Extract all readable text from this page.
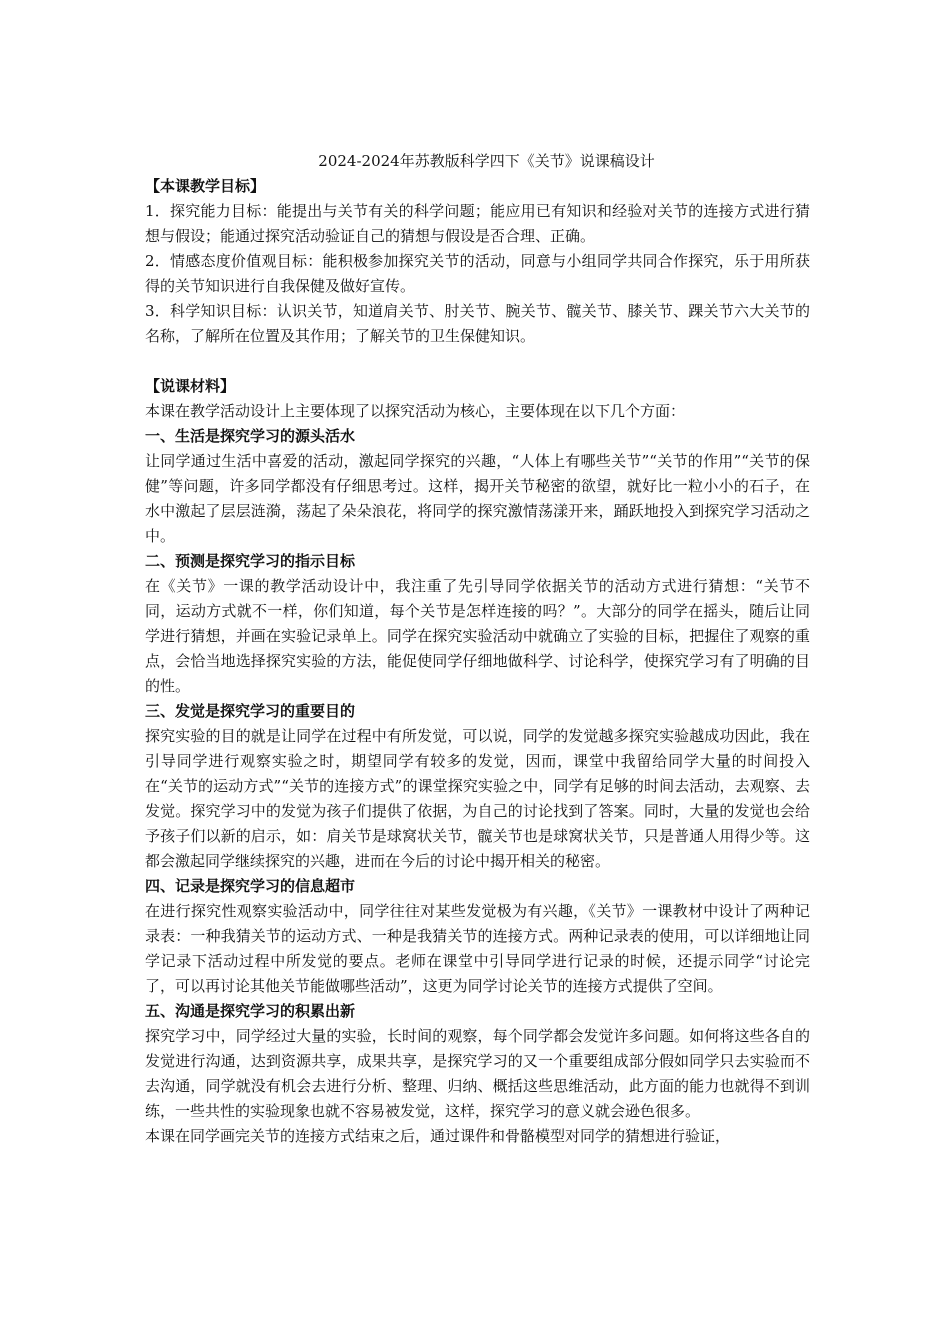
2024-2024年苏教版科学四下《关节》说课稿设计

【本课教学目标】

1．探究能力目标：能提出与关节有关的科学问题；能应用已有知识和经验对关节的连接方式进行猜想与假设；能通过探究活动验证自己的猜想与假设是否合理、正确。

2．情感态度价值观目标：能积极参加探究关节的活动，同意与小组同学共同合作探究，乐于用所获得的关节知识进行自我保健及做好宣传。

3．科学知识目标：认识关节，知道肩关节、肘关节、腕关节、髋关节、膝关节、踝关节六大关节的名称，了解所在位置及其作用；了解关节的卫生保健知识。

【说课材料】

本课在教学活动设计上主要体现了以探究活动为核心，主要体现在以下几个方面：

一、生活是探究学习的源头活水

让同学通过生活中喜爱的活动，激起同学探究的兴趣，“人体上有哪些关节”“关节的作用”“关节的保健”等问题，许多同学都没有仔细思考过。这样，揭开关节秘密的欲望，就好比一粒小小的石子，在水中激起了层层涟漪，荡起了朵朵浪花，将同学的探究激情荡漾开来，踊跃地投入到探究学习活动之中。

二、预测是探究学习的指示目标

在《关节》一课的教学活动设计中，我注重了先引导同学依据关节的活动方式进行猜想：“关节不同，运动方式就不一样，你们知道，每个关节是怎样连接的吗？”。大部分的同学在摇头，随后让同学进行猜想，并画在实验记录单上。同学在探究实验活动中就确立了实验的目标，把握住了观察的重点，会恰当地选择探究实验的方法，能促使同学仔细地做科学、讨论科学，使探究学习有了明确的目的性。

三、发觉是探究学习的重要目的

探究实验的目的就是让同学在过程中有所发觉，可以说，同学的发觉越多探究实验越成功因此，我在引导同学进行观察实验之时，期望同学有较多的发觉，因而，课堂中我留给同学大量的时间投入在“关节的运动方式”“关节的连接方式”的课堂探究实验之中，同学有足够的时间去活动，去观察、去发觉。探究学习中的发觉为孩子们提供了依据，为自己的讨论找到了答案。同时，大量的发觉也会给予孩子们以新的启示，如：肩关节是球窝状关节，髋关节也是球窝状关节，只是普通人用得少等。这都会激起同学继续探究的兴趣，进而在今后的讨论中揭开相关的秘密。

四、记录是探究学习的信息超市

在进行探究性观察实验活动中，同学往往对某些发觉极为有兴趣，《关节》一课教材中设计了两种记录表：一种我猜关节的运动方式、一种是我猜关节的连接方式。两种记录表的使用，可以详细地让同学记录下活动过程中所发觉的要点。老师在课堂中引导同学进行记录的时候，还提示同学“讨论完了，可以再讨论其他关节能做哪些活动”，这更为同学讨论关节的连接方式提供了空间。

五、沟通是探究学习的积累出新

探究学习中，同学经过大量的实验，长时间的观察，每个同学都会发觉许多问题。如何将这些各自的发觉进行沟通，达到资源共享，成果共享，是探究学习的又一个重要组成部分假如同学只去实验而不去沟通，同学就没有机会去进行分析、整理、归纳、概括这些思维活动，此方面的能力也就得不到训练，一些共性的实验现象也就不容易被发觉，这样，探究学习的意义就会逊色很多。

本课在同学画完关节的连接方式结束之后，通过课件和骨骼模型对同学的猜想进行验证，
